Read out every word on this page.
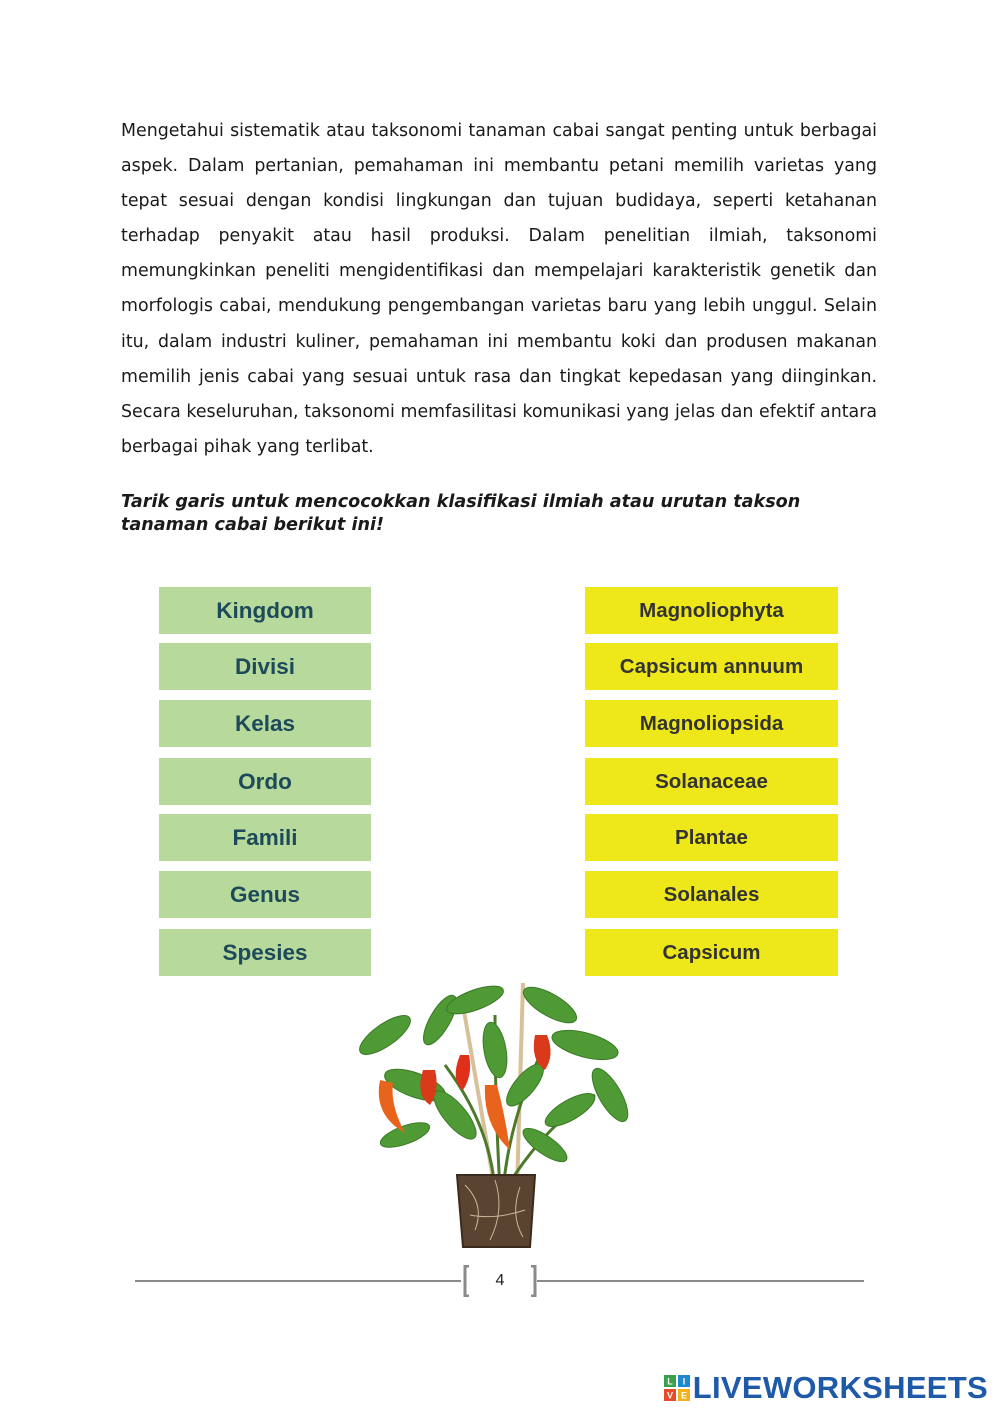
Mengetahui sistematik atau taksonomi tanaman cabai sangat penting untuk berbagai aspek. Dalam pertanian, pemahaman ini membantu petani memilih varietas yang tepat sesuai dengan kondisi lingkungan dan tujuan budidaya, seperti ketahanan terhadap penyakit atau hasil produksi. Dalam penelitian ilmiah, taksonomi memungkinkan peneliti mengidentifikasi dan mempelajari karakteristik genetik dan morfologis cabai, mendukung pengembangan varietas baru yang lebih unggul. Selain itu, dalam industri kuliner, pemahaman ini membantu koki dan produsen makanan memilih jenis cabai yang sesuai untuk rasa dan tingkat kepedasan yang diinginkan. Secara keseluruhan, taksonomi memfasilitasi komunikasi yang jelas dan efektif antara berbagai pihak yang terlibat.

Tarik garis untuk mencocokkan klasifikasi ilmiah atau urutan takson tanaman cabai berikut ini!

Kingdom
Divisi
Kelas
Ordo
Famili
Genus
Spesies
Magnoliophyta
Capsicum annuum
Magnoliopsida
Solanaceae
Plantae
Solanales
Capsicum
4
L I
V E LIVEWORKSHEETS
